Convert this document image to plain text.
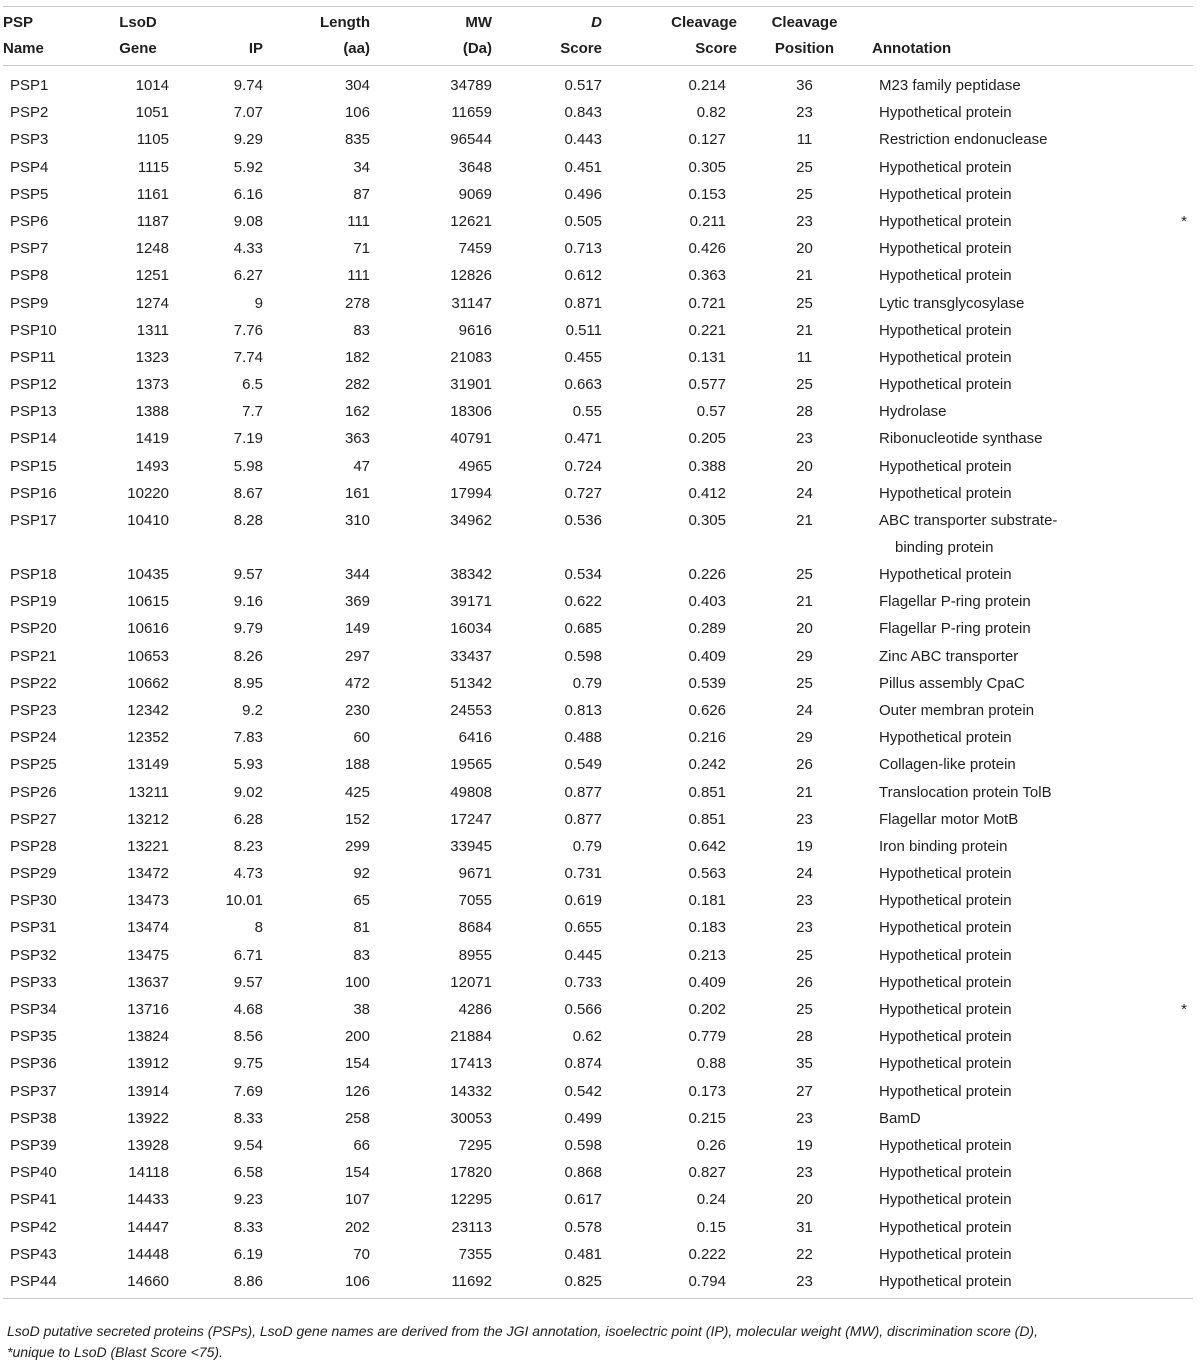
PSP	LsoD		Length	MW	D	Cleavage	Cleavage		
Name	Gene	IP	(aa)	(Da)	Score	Score	Position	Annotation	
PSP1	1014	9.74	304	34789	0.517	0.214	36	M23 family peptidase	
PSP2	1051	7.07	106	11659	0.843	0.82	23	Hypothetical protein	
PSP3	1105	9.29	835	96544	0.443	0.127	11	Restriction endonuclease	
PSP4	1115	5.92	34	3648	0.451	0.305	25	Hypothetical protein	
PSP5	1161	6.16	87	9069	0.496	0.153	25	Hypothetical protein	
PSP6	1187	9.08	111	12621	0.505	0.211	23	Hypothetical protein	*
PSP7	1248	4.33	71	7459	0.713	0.426	20	Hypothetical protein	
PSP8	1251	6.27	111	12826	0.612	0.363	21	Hypothetical protein	
PSP9	1274	9	278	31147	0.871	0.721	25	Lytic transglycosylase	
PSP10	1311	7.76	83	9616	0.511	0.221	21	Hypothetical protein	
PSP11	1323	7.74	182	21083	0.455	0.131	11	Hypothetical protein	
PSP12	1373	6.5	282	31901	0.663	0.577	25	Hypothetical protein	
PSP13	1388	7.7	162	18306	0.55	0.57	28	Hydrolase	
PSP14	1419	7.19	363	40791	0.471	0.205	23	Ribonucleotide synthase	
PSP15	1493	5.98	47	4965	0.724	0.388	20	Hypothetical protein	
PSP16	10220	8.67	161	17994	0.727	0.412	24	Hypothetical protein	
PSP17	10410	8.28	310	34962	0.536	0.305	21	ABC transporter substrate-
binding protein	

PSP18	10435	9.57	344	38342	0.534	0.226	25	Hypothetical protein	
PSP19	10615	9.16	369	39171	0.622	0.403	21	Flagellar P-ring protein	
PSP20	10616	9.79	149	16034	0.685	0.289	20	Flagellar P-ring protein	
PSP21	10653	8.26	297	33437	0.598	0.409	29	Zinc ABC transporter	
PSP22	10662	8.95	472	51342	0.79	0.539	25	Pillus assembly CpaC	
PSP23	12342	9.2	230	24553	0.813	0.626	24	Outer membran protein	
PSP24	12352	7.83	60	6416	0.488	0.216	29	Hypothetical protein	
PSP25	13149	5.93	188	19565	0.549	0.242	26	Collagen-like protein	
PSP26	13211	9.02	425	49808	0.877	0.851	21	Translocation protein TolB	
PSP27	13212	6.28	152	17247	0.877	0.851	23	Flagellar motor MotB	
PSP28	13221	8.23	299	33945	0.79	0.642	19	Iron binding protein	
PSP29	13472	4.73	92	9671	0.731	0.563	24	Hypothetical protein	
PSP30	13473	10.01	65	7055	0.619	0.181	23	Hypothetical protein	
PSP31	13474	8	81	8684	0.655	0.183	23	Hypothetical protein	
PSP32	13475	6.71	83	8955	0.445	0.213	25	Hypothetical protein	
PSP33	13637	9.57	100	12071	0.733	0.409	26	Hypothetical protein	
PSP34	13716	4.68	38	4286	0.566	0.202	25	Hypothetical protein	*
PSP35	13824	8.56	200	21884	0.62	0.779	28	Hypothetical protein	
PSP36	13912	9.75	154	17413	0.874	0.88	35	Hypothetical protein	
PSP37	13914	7.69	126	14332	0.542	0.173	27	Hypothetical protein	
PSP38	13922	8.33	258	30053	0.499	0.215	23	BamD	
PSP39	13928	9.54	66	7295	0.598	0.26	19	Hypothetical protein	
PSP40	14118	6.58	154	17820	0.868	0.827	23	Hypothetical protein	
PSP41	14433	9.23	107	12295	0.617	0.24	20	Hypothetical protein	
PSP42	14447	8.33	202	23113	0.578	0.15	31	Hypothetical protein	
PSP43	14448	6.19	70	7355	0.481	0.222	22	Hypothetical protein	
PSP44	14660	8.86	106	11692	0.825	0.794	23	Hypothetical protein	
LsoD putative secreted proteins (PSPs), LsoD gene names are derived from the JGI annotation, isoelectric point (IP), molecular weight (MW), discrimination score (D),
*unique to LsoD (Blast Score <75).
